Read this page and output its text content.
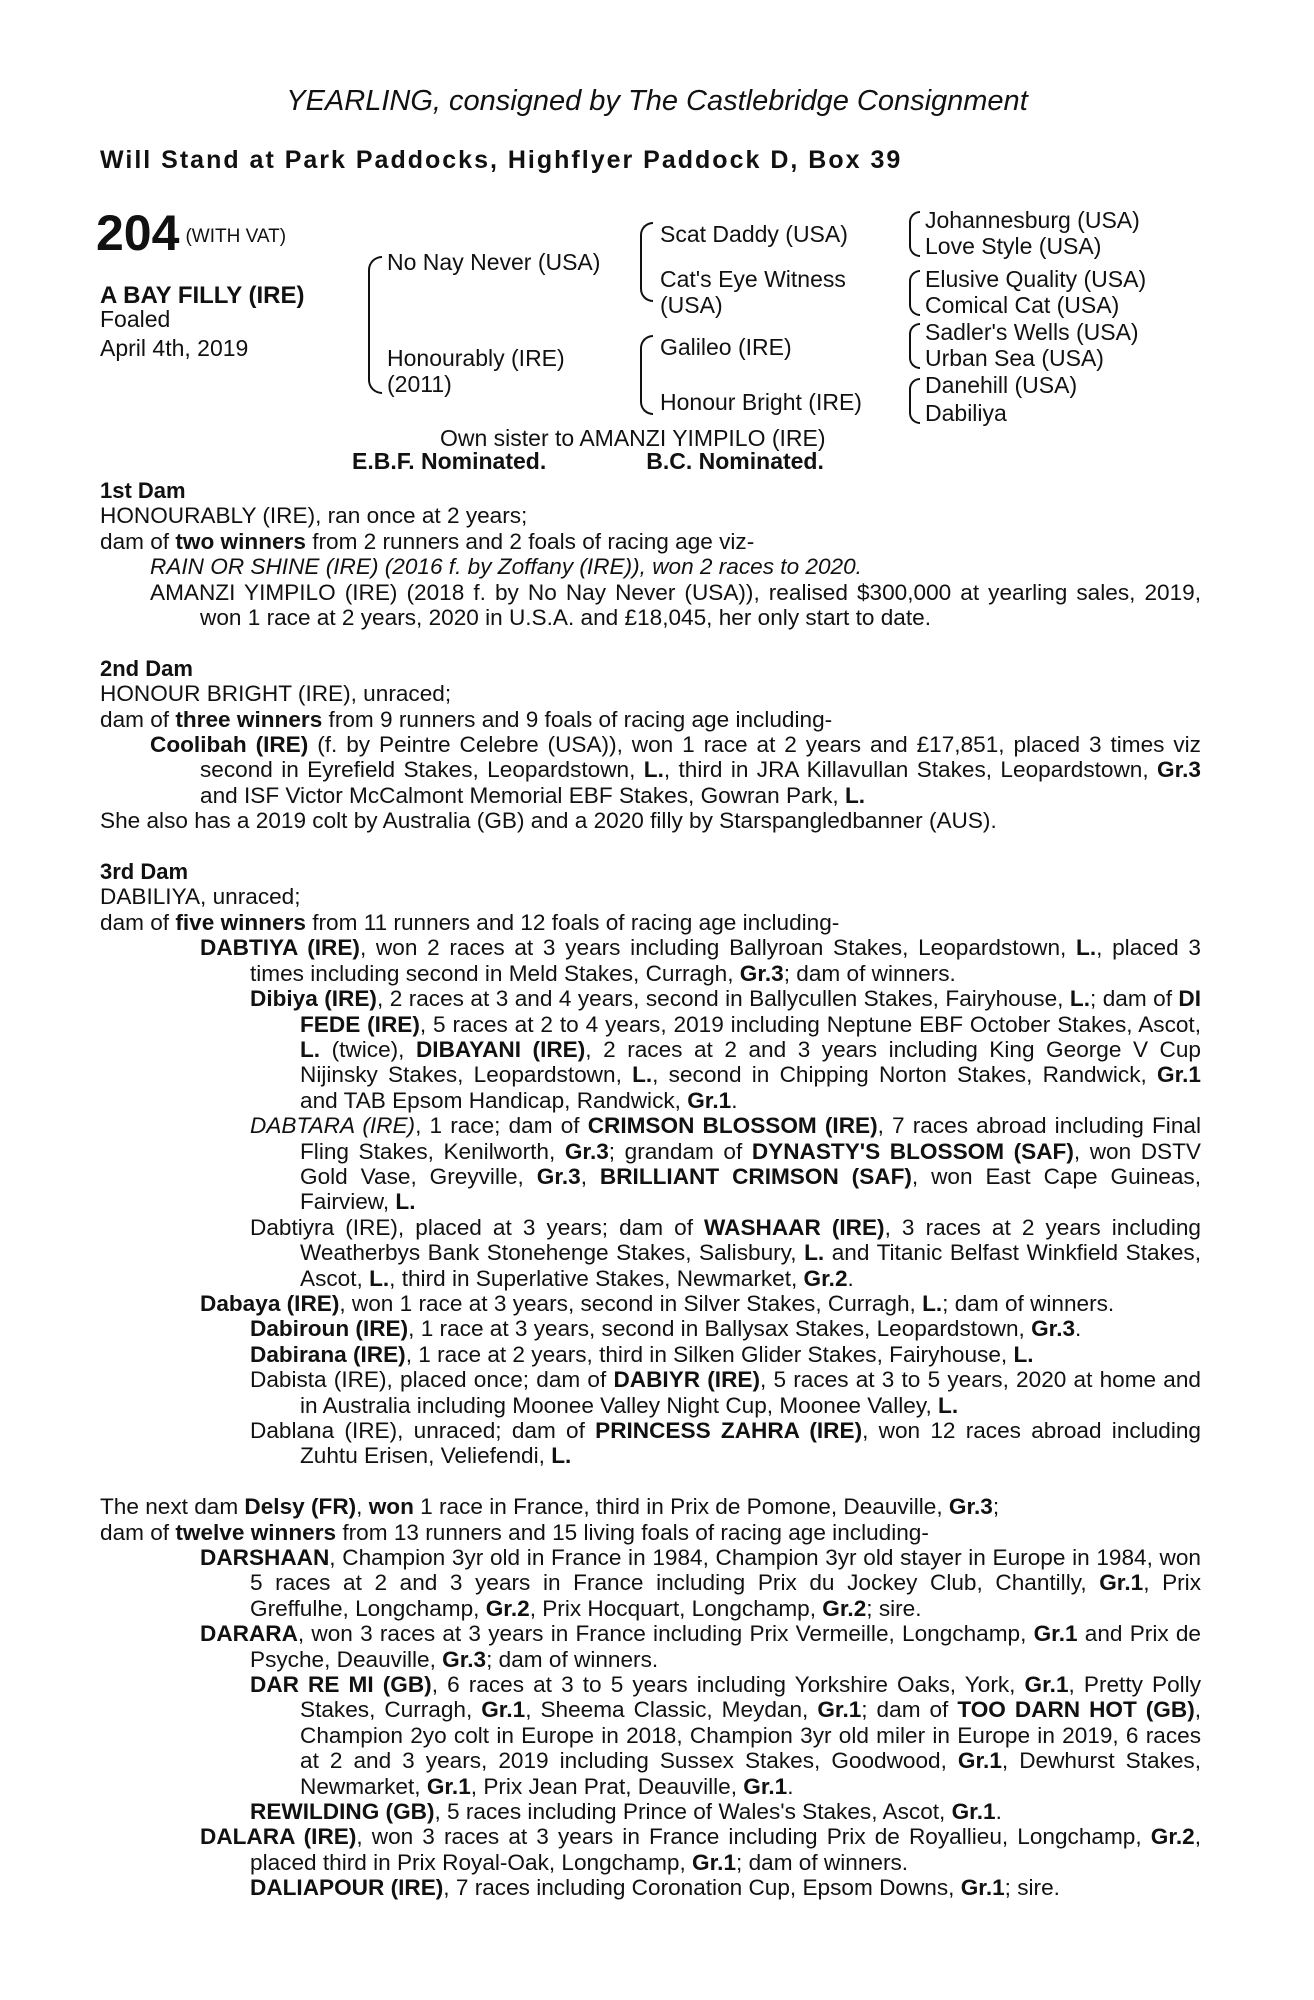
YEARLING, consigned by The Castlebridge Consignment
Will Stand at Park Paddocks, Highflyer Paddock D, Box 39
204 (WITH VAT)
A BAY FILLY (IRE)
Foaled
April 4th, 2019
No Nay Never (USA)
Honourably (IRE)
(2011)
Scat Daddy (USA)
Cat's Eye Witness
(USA)
Galileo (IRE)
Honour Bright (IRE)
Johannesburg (USA)
Love Style (USA)
Elusive Quality (USA)
Comical Cat (USA)
Sadler's Wells (USA)
Urban Sea (USA)
Danehill (USA)
Dabiliya
Own sister to AMANZI YIMPILO (IRE)
E.B.F. Nominated.	B.C. Nominated.

1st Dam

HONOURABLY (IRE), ran once at 2 years;

dam of two winners from 2 runners and 2 foals of racing age viz-

RAIN OR SHINE (IRE) (2016 f. by Zoffany (IRE)), won 2 races to 2020.

AMANZI YIMPILO (IRE) (2018 f. by No Nay Never (USA)), realised $300,000 at yearling sales, 2019, won 1 race at 2 years, 2020 in U.S.A. and £18,045, her only start to date.

2nd Dam

HONOUR BRIGHT (IRE), unraced;

dam of three winners from 9 runners and 9 foals of racing age including-

Coolibah (IRE) (f. by Peintre Celebre (USA)), won 1 race at 2 years and £17,851, placed 3 times viz second in Eyrefield Stakes, Leopardstown, L., third in JRA Killavullan Stakes, Leopardstown, Gr.3 and ISF Victor McCalmont Memorial EBF Stakes, Gowran Park, L.

She also has a 2019 colt by Australia (GB) and a 2020 filly by Starspangledbanner (AUS).

3rd Dam

DABILIYA, unraced;

dam of five winners from 11 runners and 12 foals of racing age including-

DABTIYA (IRE), won 2 races at 3 years including Ballyroan Stakes, Leopardstown, L., placed 3 times including second in Meld Stakes, Curragh, Gr.3; dam of winners.

Dibiya (IRE), 2 races at 3 and 4 years, second in Ballycullen Stakes, Fairyhouse, L.; dam of DI FEDE (IRE), 5 races at 2 to 4 years, 2019 including Neptune EBF October Stakes, Ascot, L. (twice), DIBAYANI (IRE), 2 races at 2 and 3 years including King George V Cup Nijinsky Stakes, Leopardstown, L., second in Chipping Norton Stakes, Randwick, Gr.1 and TAB Epsom Handicap, Randwick, Gr.1.

DABTARA (IRE), 1 race; dam of CRIMSON BLOSSOM (IRE), 7 races abroad including Final Fling Stakes, Kenilworth, Gr.3; grandam of DYNASTY'S BLOSSOM (SAF), won DSTV Gold Vase, Greyville, Gr.3, BRILLIANT CRIMSON (SAF), won East Cape Guineas, Fairview, L.

Dabtiyra (IRE), placed at 3 years; dam of WASHAAR (IRE), 3 races at 2 years including Weatherbys Bank Stonehenge Stakes, Salisbury, L. and Titanic Belfast Winkfield Stakes, Ascot, L., third in Superlative Stakes, Newmarket, Gr.2.

Dabaya (IRE), won 1 race at 3 years, second in Silver Stakes, Curragh, L.; dam of winners.

Dabiroun (IRE), 1 race at 3 years, second in Ballysax Stakes, Leopardstown, Gr.3.

Dabirana (IRE), 1 race at 2 years, third in Silken Glider Stakes, Fairyhouse, L.

Dabista (IRE), placed once; dam of DABIYR (IRE), 5 races at 3 to 5 years, 2020 at home and in Australia including Moonee Valley Night Cup, Moonee Valley, L.

Dablana (IRE), unraced; dam of PRINCESS ZAHRA (IRE), won 12 races abroad including Zuhtu Erisen, Veliefendi, L.

The next dam Delsy (FR), won 1 race in France, third in Prix de Pomone, Deauville, Gr.3;

dam of twelve winners from 13 runners and 15 living foals of racing age including-

DARSHAAN, Champion 3yr old in France in 1984, Champion 3yr old stayer in Europe in 1984, won 5 races at 2 and 3 years in France including Prix du Jockey Club, Chantilly, Gr.1, Prix Greffulhe, Longchamp, Gr.2, Prix Hocquart, Longchamp, Gr.2; sire.

DARARA, won 3 races at 3 years in France including Prix Vermeille, Longchamp, Gr.1 and Prix de Psyche, Deauville, Gr.3; dam of winners.

DAR RE MI (GB), 6 races at 3 to 5 years including Yorkshire Oaks, York, Gr.1, Pretty Polly Stakes, Curragh, Gr.1, Sheema Classic, Meydan, Gr.1; dam of TOO DARN HOT (GB), Champion 2yo colt in Europe in 2018, Champion 3yr old miler in Europe in 2019, 6 races at 2 and 3 years, 2019 including Sussex Stakes, Goodwood, Gr.1, Dewhurst Stakes, Newmarket, Gr.1, Prix Jean Prat, Deauville, Gr.1.

REWILDING (GB), 5 races including Prince of Wales's Stakes, Ascot, Gr.1.

DALARA (IRE), won 3 races at 3 years in France including Prix de Royallieu, Longchamp, Gr.2, placed third in Prix Royal-Oak, Longchamp, Gr.1; dam of winners.

DALIAPOUR (IRE), 7 races including Coronation Cup, Epsom Downs, Gr.1; sire.
